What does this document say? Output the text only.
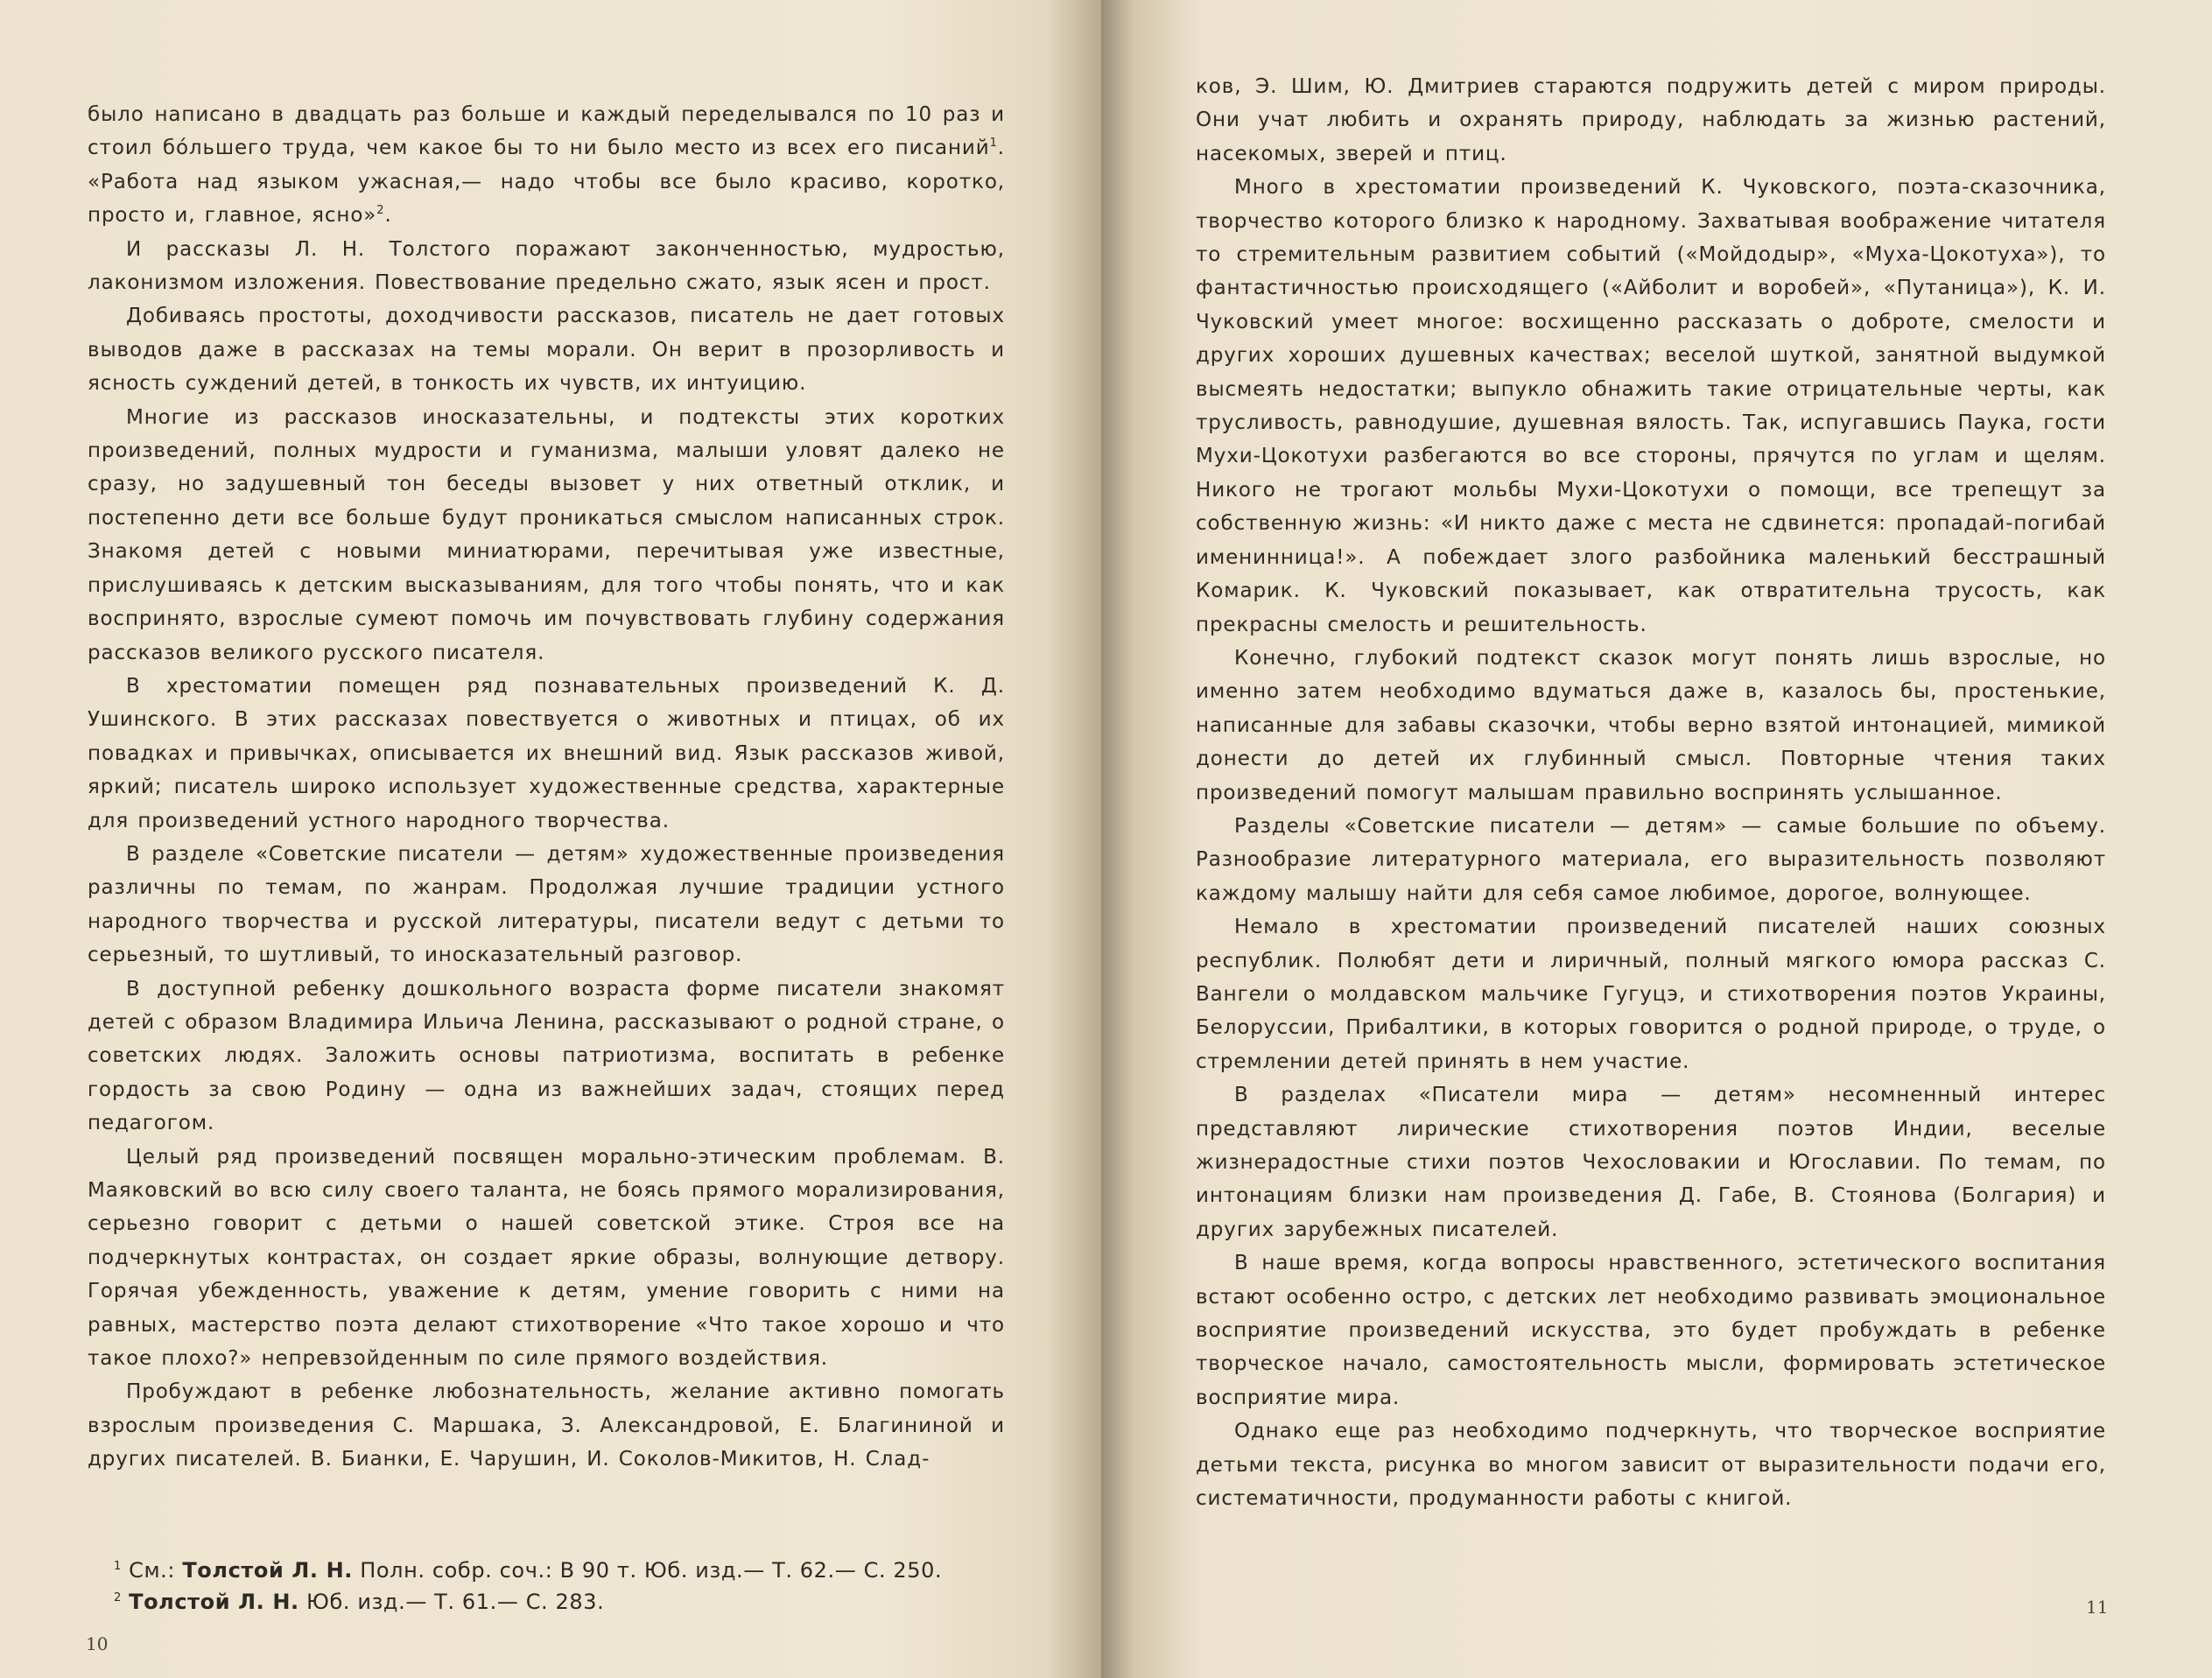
было написано в двадцать раз больше и каждый переделывался по 10 раз и стоил бо́льшего труда, чем какое бы то ни было место из всех его писаний$^1$. «Работа над языком ужасная,— надо чтобы все было красиво, коротко, просто и, главное, ясно»$^2$.

И рассказы Л. Н. Толстого поражают законченностью, мудростью, лаконизмом изложения. Повествование предельно сжато, язык ясен и прост.

Добиваясь простоты, доходчивости рассказов, писатель не дает готовых выводов даже в рассказах на темы морали. Он верит в прозорливость и ясность суждений детей, в тонкость их чувств, их интуицию.

Многие из рассказов иносказательны, и подтексты этих коротких произведений, полных мудрости и гуманизма, малыши уловят далеко не сразу, но задушевный тон беседы вызовет у них ответный отклик, и постепенно дети все больше будут проникаться смыслом написанных строк. Знакомя детей с новыми миниатюрами, перечитывая уже известные, прислушиваясь к детским высказываниям, для того чтобы понять, что и как воспринято, взрослые сумеют помочь им почувствовать глубину содержания рассказов великого русского писателя.

В хрестоматии помещен ряд познавательных произведений К. Д. Ушинского. В этих рассказах повествуется о животных и птицах, об их повадках и привычках, описывается их внешний вид. Язык рассказов живой, яркий; писатель широко использует художественные средства, характерные для произведений устного народного творчества.

В разделе «Советские писатели — детям» художественные произведения различны по темам, по жанрам. Продолжая лучшие традиции устного народного творчества и русской литературы, писатели ведут с детьми то серьезный, то шутливый, то иносказательный разговор.

В доступной ребенку дошкольного возраста форме писатели знакомят детей с образом Владимира Ильича Ленина, рассказывают о родной стране, о советских людях. Заложить основы патриотизма, воспитать в ребенке гордость за свою Родину — одна из важнейших задач, стоящих перед педагогом.

Целый ряд произведений посвящен морально-этическим проблемам. В. Маяковский во всю силу своего таланта, не боясь прямого морализирования, серьезно говорит с детьми о нашей советской этике. Строя все на подчеркнутых контрастах, он создает яркие образы, волнующие детвору. Горячая убежденность, уважение к детям, умение говорить с ними на равных, мастерство поэта делают стихотворение «Что такое хорошо и что такое плохо?» непревзойденным по силе прямого воздействия.

Пробуждают в ребенке любознательность, желание активно помогать взрослым произведения С. Маршака, З. Александровой, Е. Благининой и других писателей. В. Бианки, Е. Чарушин, И. Соколов-Микитов, Н. Слад-

$^1$ См.: Толстой Л. Н. Полн. собр. соч.: В 90 т. Юб. изд.— Т. 62.— С. 250.

$^2$ Толстой Л. Н. Юб. изд.— Т. 61.— С. 283.

10

ков, Э. Шим, Ю. Дмитриев стараются подружить детей с миром природы. Они учат любить и охранять природу, наблюдать за жизнью растений, насекомых, зверей и птиц.

Много в хрестоматии произведений К. Чуковского, поэта-сказочника, творчество которого близко к народному. Захватывая воображение читателя то стремительным развитием событий («Мойдодыр», «Муха-Цокотуха»), то фантастичностью происходящего («Айболит и воробей», «Путаница»), К. И. Чуковский умеет многое: восхищенно рассказать о доброте, смелости и других хороших душевных качествах; веселой шуткой, занятной выдумкой высмеять недостатки; выпукло обнажить такие отрицательные черты, как трусливость, равнодушие, душевная вялость. Так, испугавшись Паука, гости Мухи-Цокотухи разбегаются во все стороны, прячутся по углам и щелям. Никого не трогают мольбы Мухи-Цокотухи о помощи, все трепещут за собственную жизнь: «И никто даже с места не сдвинется: пропадай-погибай именинница!». А побеждает злого разбойника маленький бесстрашный Комарик. К. Чуковский показывает, как отвратительна трусость, как прекрасны смелость и решительность.

Конечно, глубокий подтекст сказок могут понять лишь взрослые, но именно затем необходимо вдуматься даже в, казалось бы, простенькие, написанные для забавы сказочки, чтобы верно взятой интонацией, мимикой донести до детей их глубинный смысл. Повторные чтения таких произведений помогут малышам правильно воспринять услышанное.

Разделы «Советские писатели — детям» — самые большие по объему. Разнообразие литературного материала, его выразительность позволяют каждому малышу найти для себя самое любимое, дорогое, волнующее.

Немало в хрестоматии произведений писателей наших союзных республик. Полюбят дети и лиричный, полный мягкого юмора рассказ С. Вангели о молдавском мальчике Гугуцэ, и стихотворения поэтов Украины, Белоруссии, Прибалтики, в которых говорится о родной природе, о труде, о стремлении детей принять в нем участие.

В разделах «Писатели мира — детям» несомненный интерес представляют лирические стихотворения поэтов Индии, веселые жизнерадостные стихи поэтов Чехословакии и Югославии. По темам, по интонациям близки нам произведения Д. Габе, В. Стоянова (Болгария) и других зарубежных писателей.

В наше время, когда вопросы нравственного, эстетического воспитания встают особенно остро, с детских лет необходимо развивать эмоциональное восприятие произведений искусства, это будет пробуждать в ребенке творческое начало, самостоятельность мысли, формировать эстетическое восприятие мира.

Однако еще раз необходимо подчеркнуть, что творческое восприятие детьми текста, рисунка во многом зависит от выразительности подачи его, систематичности, продуманности работы с книгой.

11
